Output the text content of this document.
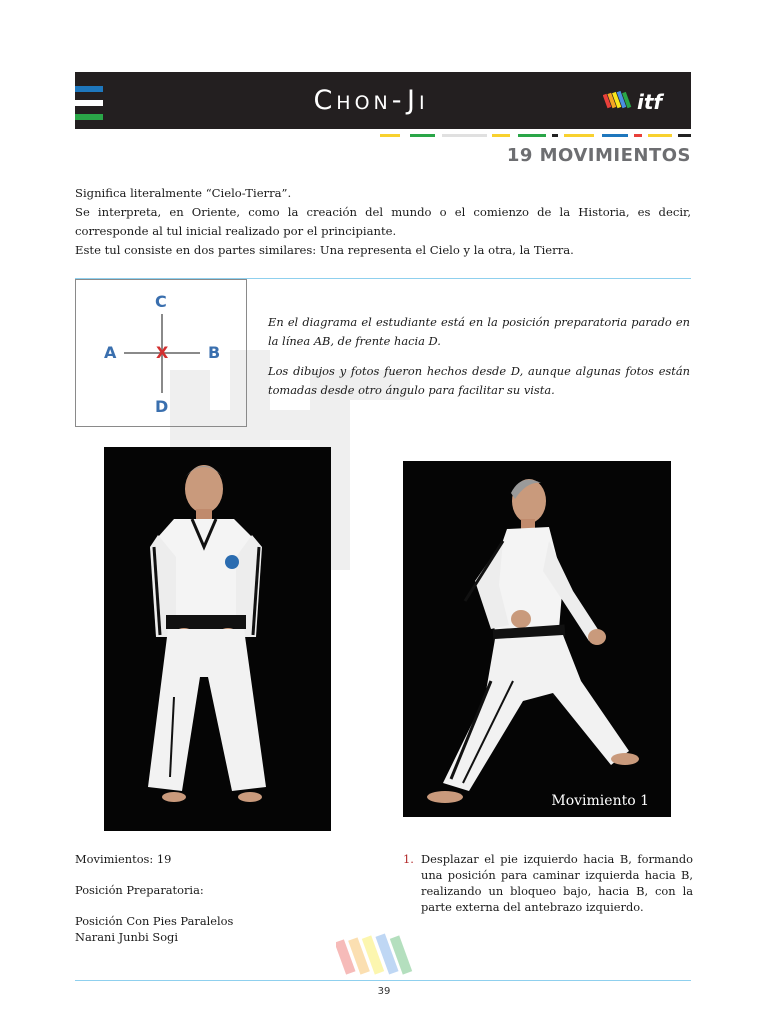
Chon-Ji	itf
19 MOVIMIENTOS

Significa literalmente “Cielo-Tierra”.

Se interpreta, en Oriente, como la creación del mundo o el comienzo de la Historia, es decir, corresponde al tul inicial realizado por el principiante.

Este tul consiste en dos partes similares: Una representa el Cielo y la otra, la Tierra.

C
A	B
D
X

En el diagrama el estudiante está en la posición preparatoria parado en la línea AB, de frente hacia D.

Los dibujos y fotos fueron hechos desde D, aunque algunas fotos están tomadas desde otro ángulo para facilitar su vista.

Movimiento 1

Movimientos: 19

Posición Preparatoria:

Posición Con Pies Paralelos

Narani Junbi Sogi

1. Desplazar el pie izquierdo hacia B, formando una posición para caminar izquierda hacia B, realizando un bloqueo bajo, hacia B, con la parte externa del antebrazo izquierdo.
39
